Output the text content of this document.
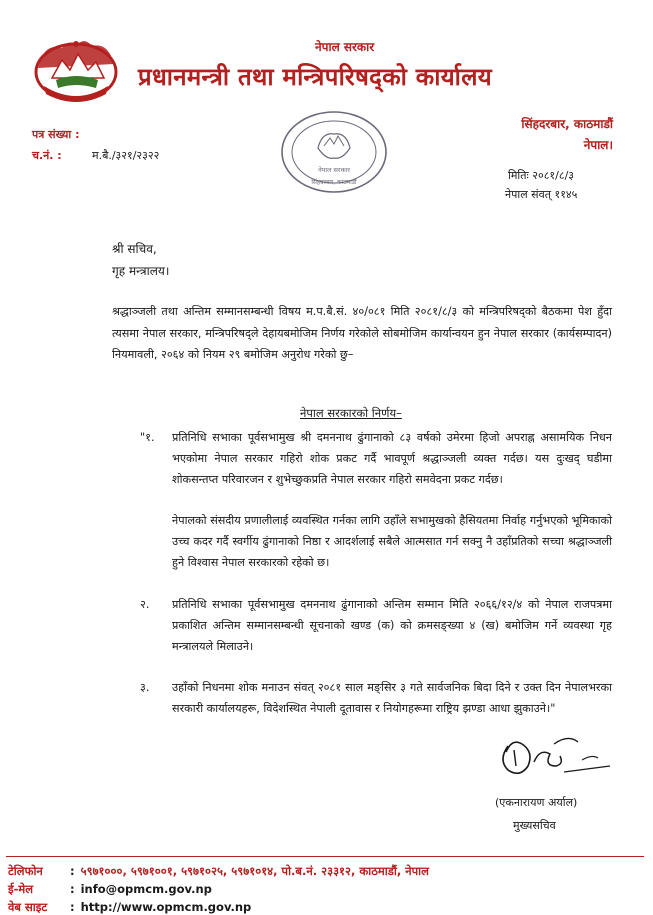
नेपाल सरकार
प्रधानमन्त्री तथा मन्त्रिपरिषद्को कार्यालय
पत्र संख्या :
च.नं. :	म.बै./३२१/२३२२
नेपाल सरकार
सिंहदरबार, काठमाडौं
सिंहदरबार, काठमाडौं
नेपाल।
मितिः २०८१/८/३
नेपाल संवत् ११४५
श्री सचिव,
गृह मन्त्रालय।
श्रद्धाञ्जली तथा अन्तिम सम्मानसम्बन्धी विषय म.प.बै.सं. ४०/०८१ मिति २०८१/८/३ को मन्त्रिपरिषद्को बैठकमा पेश हुँदा त्यसमा नेपाल सरकार, मन्त्रिपरिषद्ले देहायबमोजिम निर्णय गरेकोले सोबमोजिम कार्यान्वयन हुन नेपाल सरकार (कार्यसम्पादन) नियमावली, २०६४ को नियम २९ बमोजिम अनुरोध गरेको छु–
नेपाल सरकारको निर्णय–
"१. प्रतिनिधि सभाका पूर्वसभामुख श्री दमननाथ ढुंगानाको ८३ वर्षको उमेरमा हिजो अपराह्न असामयिक निधन भएकोमा नेपाल सरकार गहिरो शोक प्रकट गर्दै भावपूर्ण श्रद्धाञ्जली व्यक्त गर्दछ। यस दुःखद् घडीमा शोकसन्तप्त परिवारजन र शुभेच्छुकप्रति नेपाल सरकार गहिरो समवेदना प्रकट गर्दछ।
नेपालको संसदीय प्रणालीलाई व्यवस्थित गर्नका लागि उहाँले सभामुखको हैसियतमा निर्वाह गर्नुभएको भूमिकाको उच्च कदर गर्दै स्वर्गीय ढुंगानाको निष्ठा र आदर्शलाई सबैले आत्मसात गर्न सक्नु नै उहाँप्रतिको सच्चा श्रद्धाञ्जली हुने विश्वास नेपाल सरकारको रहेको छ।
२. प्रतिनिधि सभाका पूर्वसभामुख दमननाथ ढुंगानाको अन्तिम सम्मान मिति २०६६/१२/४ को नेपाल राजपत्रमा प्रकाशित अन्तिम सम्मानसम्बन्धी सूचनाको खण्ड (क) को क्रमसङ्ख्या ४ (ख) बमोजिम गर्ने व्यवस्था गृह मन्त्रालयले मिलाउने।
३. उहाँको निधनमा शोक मनाउन संवत् २०८१ साल मङ्सिर ३ गते सार्वजनिक बिदा दिने र उक्त दिन नेपालभरका सरकारी कार्यालयहरू, विदेशस्थित नेपाली दूतावास र नियोगहरूमा राष्ट्रिय झण्डा आधा झुकाउने।"
(एकनारायण अर्याल)
मुख्यसचिव
टेलिफोन : ५९७१०००, ५९७१००१, ५९७१०२५, ५९७१०१४, पो.ब.नं. २३३१२, काठमाडौं, नेपाल
ई-मेल	: info@opmcm.gov.np
वेब साइट : http://www.opmcm.gov.np
